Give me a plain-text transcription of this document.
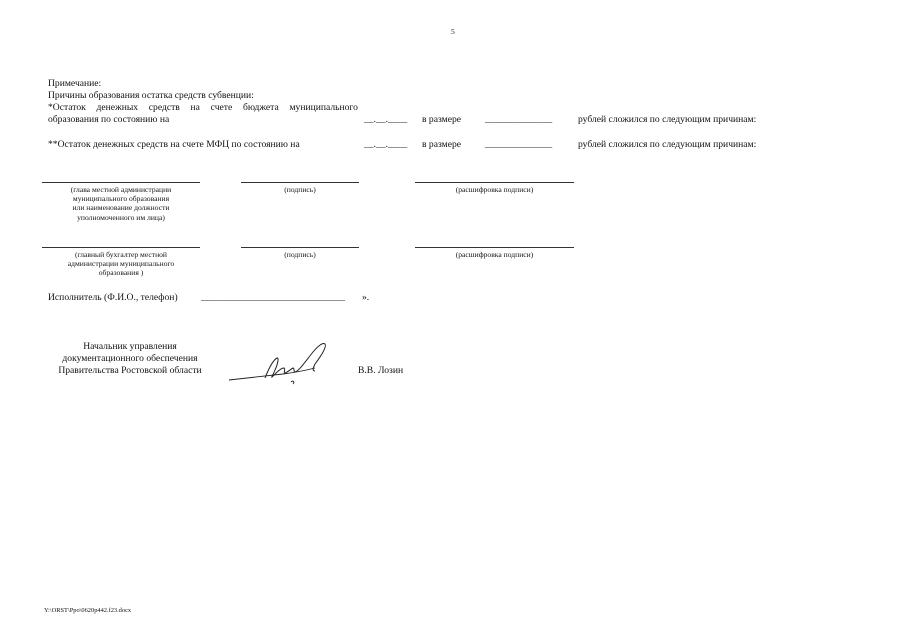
5
Примечание:
Причины образования остатка средств субвенции:
*Остаток денежных средств на счете бюджета муниципального
образования по состоянию на	__.__.____ в размере ______________	рублей сложился по следующим причинам:
**Остаток денежных средств на счете МФЦ по состоянию на	__.__.____ в размере ______________	рублей сложился по следующим причинам:
(глава местной администрации
муниципального образования
или наименование должности
уполномоченного им лица)
(подпись)	(расшифровка подписи)
(главный бухгалтер местной
администрации муниципального
образования )
(подпись)	(расшифровка подписи)
Исполнитель (Ф.И.О., телефон) ______________________________ ».
Начальник управления
документационного обеспечения
Правительства Ростовской области	В.В. Лозин
Y:\ORST\Ppo\0620p442.f23.docx
